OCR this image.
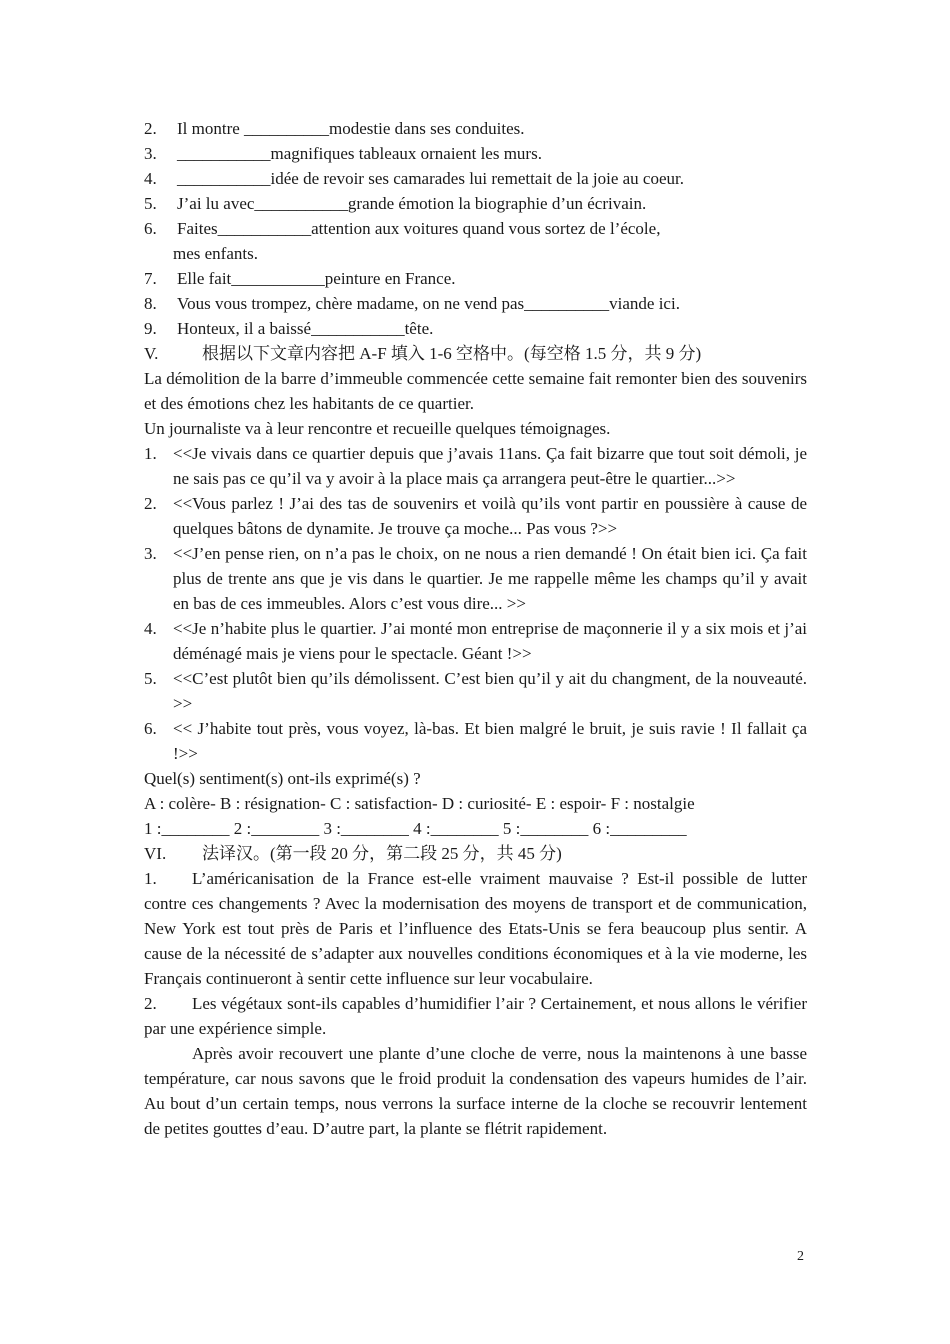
2. Il montre __________modestie dans ses conduites.
3. ___________magnifiques tableaux ornaient les murs.
4. ___________idée de revoir ses camarades lui remettait de la joie au coeur.
5. J’ai lu avec___________grande émotion la biographie d’un écrivain.
6. Faites___________attention aux voitures quand vous sortez de l’école,
mes enfants.
7. Elle fait___________peinture en France.
8. Vous vous trompez, chère madame, on ne vend pas__________viande ici.
9. Honteux, il a baissé___________tête.
V.	根据以下文章内容把 A-F 填入 1-6 空格中。(每空格 1.5 分，共 9 分)
La démolition de la barre d’immeuble commencée cette semaine fait remonter bien des souvenirs et des émotions chez les habitants de ce quartier.
Un journaliste va à leur rencontre et recueille quelques témoignages.
1. <<Je vivais dans ce quartier depuis que j’avais 11ans. Ça fait bizarre que tout soit démoli, je ne sais pas ce qu’il va y avoir à la place mais ça arrangera peut-être le quartier...>>
2. <<Vous parlez ! J’ai des tas de souvenirs et voilà qu’ils vont partir en poussière à cause de quelques bâtons de dynamite. Je trouve ça moche... Pas vous ?>>
3. <<J’en pense rien, on n’a pas le choix, on ne nous a rien demandé ! On était bien ici. Ça fait plus de trente ans que je vis dans le quartier. Je me rappelle même les champs qu’il y avait en bas de ces immeubles. Alors c’est vous dire... >>
4. <<Je n’habite plus le quartier. J’ai monté mon entreprise de maçonnerie il y a six mois et j’ai déménagé mais je viens pour le spectacle. Géant !>>
5. <<C’est plutôt bien qu’ils démolissent. C’est bien qu’il y ait du changment, de la nouveauté. >>
6. << J’habite tout près, vous voyez, là-bas. Et bien malgré le bruit, je suis ravie ! Il fallait ça !>>
Quel(s) sentiment(s) ont-ils exprimé(s) ?
A : colère- B : résignation- C : satisfaction- D : curiosité- E : espoir- F : nostalgie
1 :________ 2 :________ 3 :________ 4 :________ 5 :________ 6 :_________
VI. 法译汉。(第一段 20 分，第二段 25 分，共 45 分)
1. L’américanisation de la France est-elle vraiment mauvaise ? Est-il possible de lutter contre ces changements ? Avec la modernisation des moyens de transport et de communication, New York est tout près de Paris et l’influence des Etats-Unis se fera beaucoup plus sentir. A cause de la nécessité de s’adapter aux nouvelles conditions économiques et à la vie moderne, les Français continueront à sentir cette influence sur leur vocabulaire.
2. Les végétaux sont-ils capables d’humidifier l’air ? Certainement, et nous allons le vérifier par une expérience simple.
Après avoir recouvert une plante d’une cloche de verre, nous la maintenons à une basse température, car nous savons que le froid produit la condensation des vapeurs humides de l’air. Au bout d’un certain temps, nous verrons la surface interne de la cloche se recouvrir lentement de petites gouttes d’eau. D’autre part, la plante se flétrit rapidement.
2
